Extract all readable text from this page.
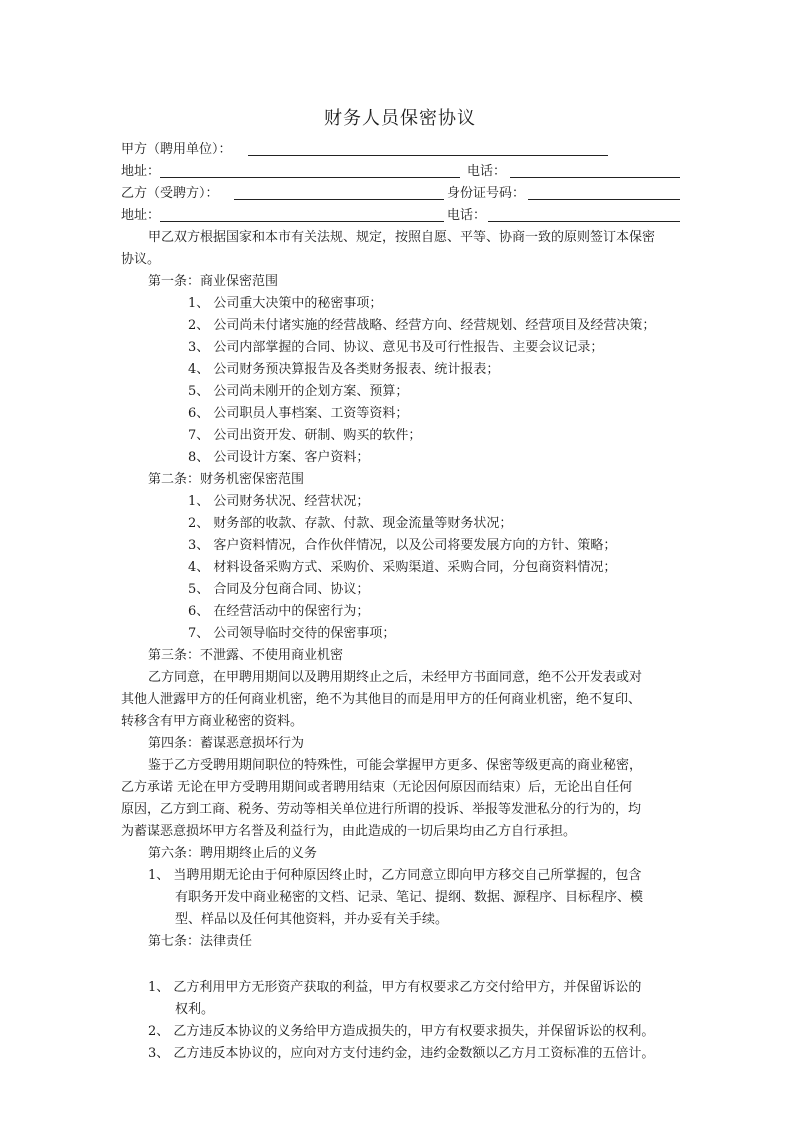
财务人员保密协议
甲方（聘用单位）：
地址：	电话：
乙方（受聘方）：	身份证号码：
地址：	电话：
甲乙双方根据国家和本市有关法规、规定，按照自愿、平等、协商一致的原则签订本保密
协议。
第一条：商业保密范围
1、 公司重大决策中的秘密事项；
2、 公司尚未付诸实施的经营战略、经营方向、经营规划、经营项目及经营决策；
3、 公司内部掌握的合同、协议、意见书及可行性报告、主要会议记录；
4、 公司财务预决算报告及各类财务报表、统计报表；
5、 公司尚未刚开的企划方案、预算；
6、 公司职员人事档案、工资等资料；
7、 公司出资开发、研制、购买的软件；
8、 公司设计方案、客户资料；
第二条：财务机密保密范围
1、 公司财务状况、经营状况；
2、 财务部的收款、存款、付款、现金流量等财务状况；
3、 客户资料情况，合作伙伴情况，以及公司将要发展方向的方针、策略；
4、 材料设备采购方式、采购价、采购渠道、采购合同，分包商资料情况；
5、 合同及分包商合同、协议；
6、 在经营活动中的保密行为；
7、 公司领导临时交待的保密事项；
第三条：不泄露、不使用商业机密
乙方同意，在甲聘用期间以及聘用期终止之后，未经甲方书面同意，绝不公开发表或对
其他人泄露甲方的任何商业机密，绝不为其他目的而是用甲方的任何商业机密，绝不复印、
转移含有甲方商业秘密的资料。
第四条：蓄谋恶意损坏行为
鉴于乙方受聘用期间职位的特殊性，可能会掌握甲方更多、保密等级更高的商业秘密，
乙方承诺 无论在甲方受聘用期间或者聘用结束（无论因何原因而结束）后，无论出自任何
原因，乙方到工商、税务、劳动等相关单位进行所谓的投诉、举报等发泄私分的行为的，均
为蓄谋恶意损坏甲方名誉及利益行为，由此造成的一切后果均由乙方自行承担。
第六条：聘用期终止后的义务
1、 当聘用期无论由于何种原因终止时，乙方同意立即向甲方移交自己所掌握的，包含
有职务开发中商业秘密的文档、记录、笔记、提纲、数据、源程序、目标程序、模
型、样品以及任何其他资料，并办妥有关手续。
第七条：法律责任
1、 乙方利用甲方无形资产获取的利益，甲方有权要求乙方交付给甲方，并保留诉讼的
权利。
2、 乙方违反本协议的义务给甲方造成损失的，甲方有权要求损失，并保留诉讼的权利。
3、 乙方违反本协议的，应向对方支付违约金，违约金数额以乙方月工资标准的五倍计。
